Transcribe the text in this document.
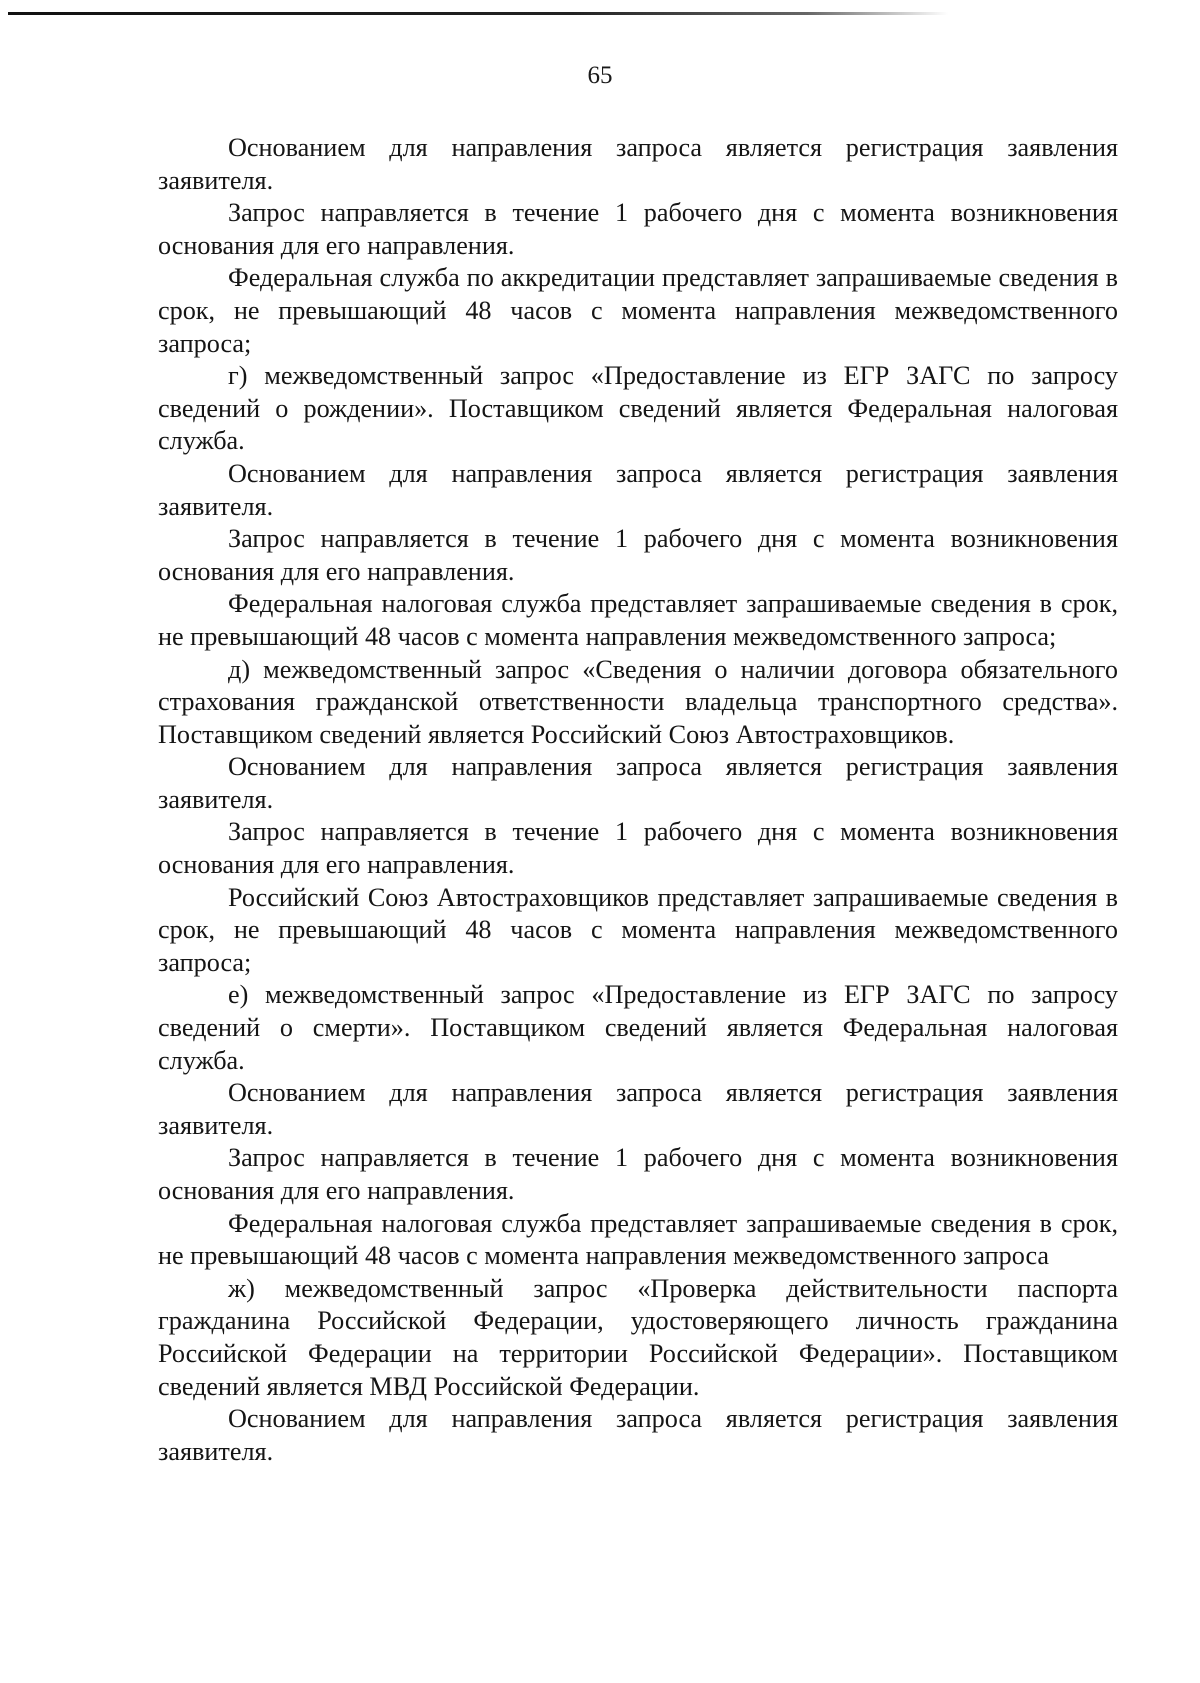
65

Основанием для направления запроса является регистрация заявления заявителя.

Запрос направляется в течение 1 рабочего дня с момента возникновения основания для его направления.

Федеральная служба по аккредитации представляет запрашиваемые сведения в срок, не превышающий 48 часов с момента направления межведомственного запроса;

г) межведомственный запрос «Предоставление из ЕГР ЗАГС по запросу сведений о рождении». Поставщиком сведений является Федеральная налоговая служба.

Основанием для направления запроса является регистрация заявления заявителя.

Запрос направляется в течение 1 рабочего дня с момента возникновения основания для его направления.

Федеральная налоговая служба представляет запрашиваемые сведения в срок, не превышающий 48 часов с момента направления межведомственного запроса;

д) межведомственный запрос «Сведения о наличии договора обязательного страхования гражданской ответственности владельца транспортного средства». Поставщиком сведений является Российский Союз Автостраховщиков.

Основанием для направления запроса является регистрация заявления заявителя.

Запрос направляется в течение 1 рабочего дня с момента возникновения основания для его направления.

Российский Союз Автостраховщиков представляет запрашиваемые сведения в срок, не превышающий 48 часов с момента направления межведомственного запроса;

е) межведомственный запрос «Предоставление из ЕГР ЗАГС по запросу сведений о смерти». Поставщиком сведений является Федеральная налоговая служба.

Основанием для направления запроса является регистрация заявления заявителя.

Запрос направляется в течение 1 рабочего дня с момента возникновения основания для его направления.

Федеральная налоговая служба представляет запрашиваемые сведения в срок, не превышающий 48 часов с момента направления межведомственного запроса

ж) межведомственный запрос «Проверка действительности паспорта гражданина Российской Федерации, удостоверяющего личность гражданина Российской Федерации на территории Российской Федерации». Поставщиком сведений является МВД Российской Федерации.

Основанием для направления запроса является регистрация заявления заявителя.
